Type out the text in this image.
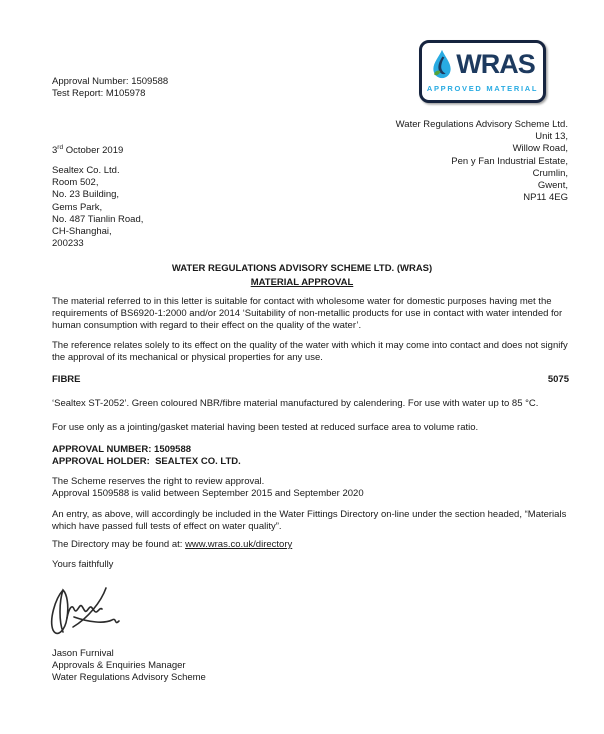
Approval Number: 1509588
Test Report: M105978
WRAS
APPROVED MATERIAL
Water Regulations Advisory Scheme Ltd.
Unit 13,
Willow Road,
Pen y Fan Industrial Estate,
Crumlin,
Gwent,
NP11 4EG
3rd October 2019
Sealtex Co. Ltd.
Room 502,
No. 23 Building,
Gems Park,
No. 487 Tianlin Road,
CH-Shanghai,
200233
WATER REGULATIONS ADVISORY SCHEME LTD. (WRAS)
MATERIAL APPROVAL
The material referred to in this letter is suitable for contact with wholesome water for domestic purposes having met the requirements of BS6920-1:2000 and/or 2014 ‘Suitability of non-metallic products for use in contact with water intended for human consumption with regard to their effect on the quality of the water’.
The reference relates solely to its effect on the quality of the water with which it may come into contact and does not signify the approval of its mechanical or physical properties for any use.
FIBRE	5075
‘Sealtex ST-2052’. Green coloured NBR/fibre material manufactured by calendering. For use with water up to 85 °C.
For use only as a jointing/gasket material having been tested at reduced surface area to volume ratio.
APPROVAL NUMBER: 1509588
APPROVAL HOLDER:  SEALTEX CO. LTD.
The Scheme reserves the right to review approval.
Approval 1509588 is valid between September 2015 and September 2020
An entry, as above, will accordingly be included in the Water Fittings Directory on-line under the section headed, “Materials which have passed full tests of effect on water quality”.
The Directory may be found at: www.wras.co.uk/directory
Yours faithfully
Jason Furnival
Approvals & Enquiries Manager
Water Regulations Advisory Scheme
